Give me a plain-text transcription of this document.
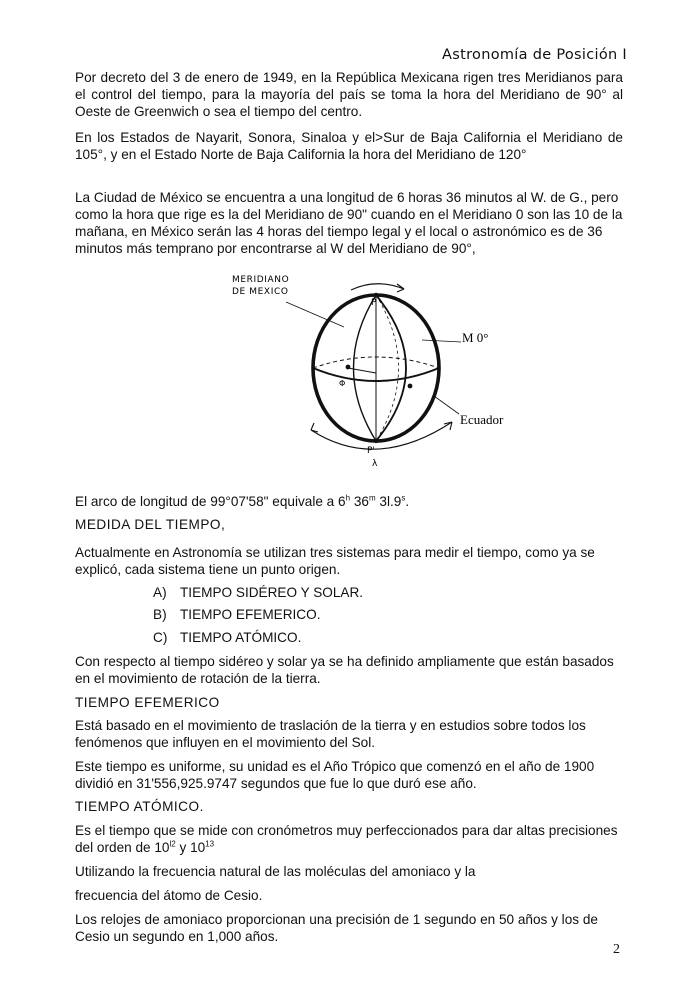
Astronomía de Posición I

Por decreto del 3 de enero de 1949, en la República Mexicana rigen tres Meridianos para el control del tiempo, para la mayoría del país se toma la hora del Meridiano de 90° al Oeste de Greenwich o sea el tiempo del centro.

En los Estados de Nayarit, Sonora, Sinaloa y el>Sur de Baja California el Meridiano de 105°, y en el Estado Norte de Baja California la hora del Meridiano de 120°

La Ciudad de México se encuentra a una longitud de 6 horas 36 minutos al W. de G., pero como la hora que rige es la del Meridiano de 90" cuando en el Meridiano 0 son las 10 de la mañana, en México serán las 4 horas del tiempo legal y el local o astronómico es de 36 minutos más temprano por encontrarse al W del Meridiano de 90°,

El arco de longitud de 99°07'58" equivale a 6$^h$ 36$^m$ 3l.9$^s$.

MEDIDA DEL TIEMPO,

Actualmente en Astronomía se utilizan tres sistemas para medir el tiempo, como ya se explicó, cada sistema tiene un punto origen.

A) TIEMPO SIDÉREO Y SOLAR.
B) TIEMPO EFEMERICO.
C) TIEMPO ATÓMICO.

Con respecto al tiempo sidéreo y solar ya se ha definido ampliamente que están basados en el movimiento de rotación de la tierra.

TIEMPO EFEMERICO

Está basado en el movimiento de traslación de la tierra y en estudios sobre todos los fenómenos que influyen en el movimiento del Sol.

Este tiempo es uniforme, su unidad es el Año Trópico que comenzó en el año de 1900 dividió en 31'556,925.9747 segundos que fue lo que duró ese año.

TIEMPO ATÓMICO.

Es el tiempo que se mide con cronómetros muy perfeccionados para dar altas precisiones del orden de $10^{l2}$ y $10^{13}$

Utilizando la frecuencia natural de las moléculas del amoniaco y la

frecuencia del átomo de Cesio.

Los relojes de amoniaco proporcionan una precisión de 1 segundo en 50 años y los de Cesio un segundo en 1,000 años.

MERIDIANO
DE MEXICO
P
P'
Φ
λ
M 0°
Ecuador
2
